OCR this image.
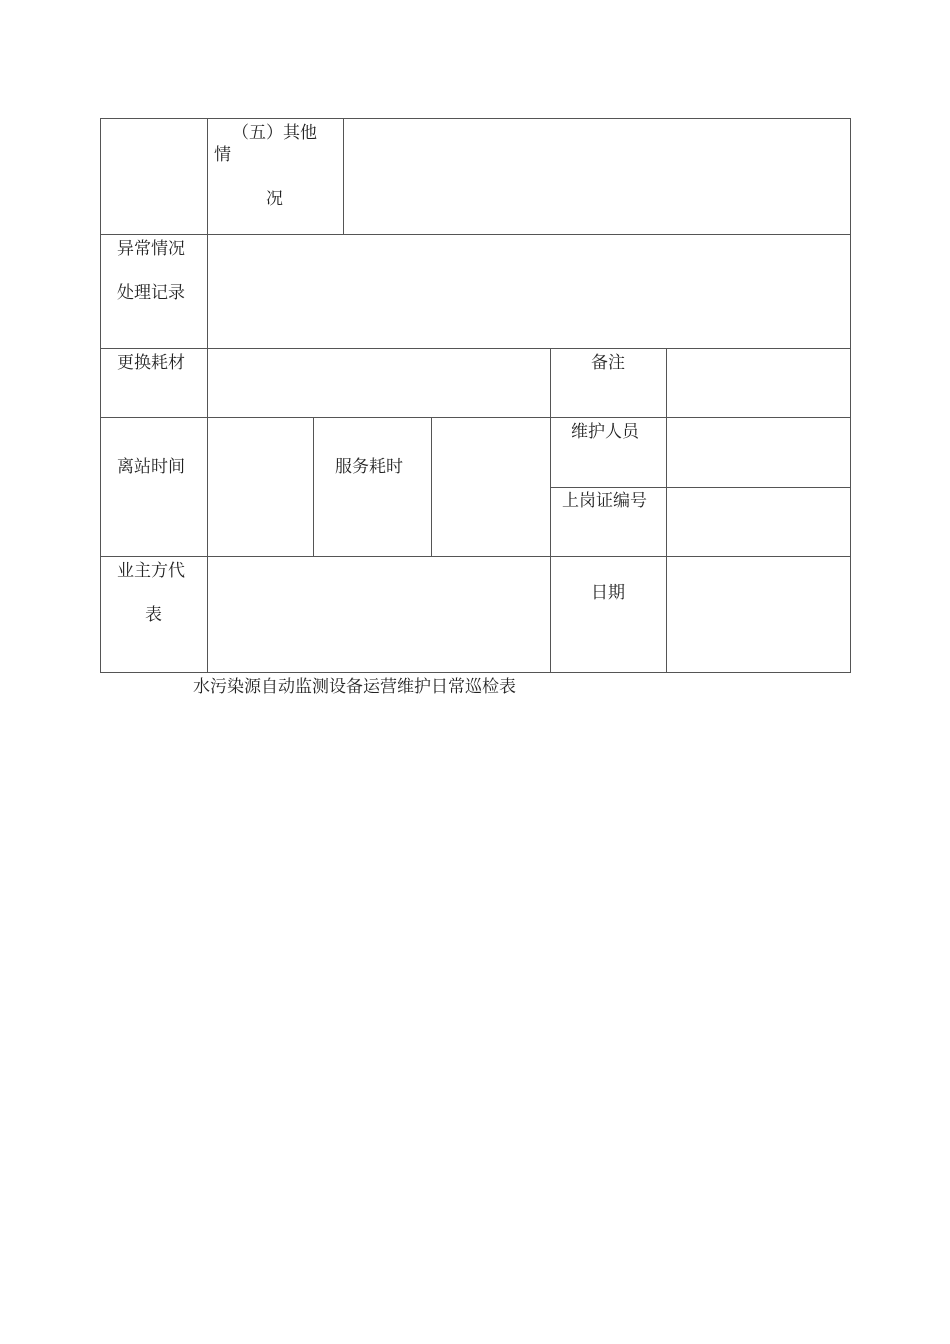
（五）其他
情
况
异常情况
处理记录
更换耗材	备注
离站时间	服务耗时
维护人员
上岗证编号
业主方代
表
日期
水污染源自动监测设备运营维护日常巡检表
